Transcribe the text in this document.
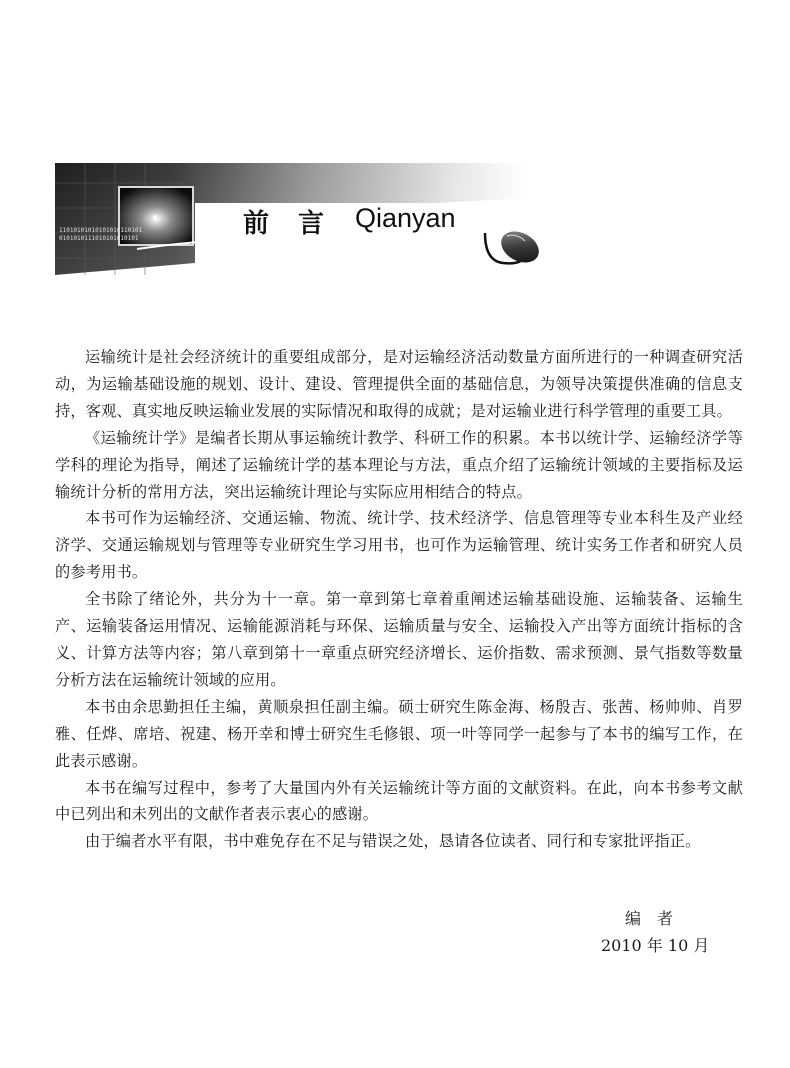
11010101010101010110101
0101010111010101010101	前 言 Qianyan

运输统计是社会经济统计的重要组成部分，是对运输经济活动数量方面所进行的一种调查研究活动，为运输基础设施的规划、设计、建设、管理提供全面的基础信息，为领导决策提供准确的信息支持，客观、真实地反映运输业发展的实际情况和取得的成就；是对运输业进行科学管理的重要工具。

《运输统计学》是编者长期从事运输统计教学、科研工作的积累。本书以统计学、运输经济学等学科的理论为指导，阐述了运输统计学的基本理论与方法，重点介绍了运输统计领域的主要指标及运输统计分析的常用方法，突出运输统计理论与实际应用相结合的特点。

本书可作为运输经济、交通运输、物流、统计学、技术经济学、信息管理等专业本科生及产业经济学、交通运输规划与管理等专业研究生学习用书，也可作为运输管理、统计实务工作者和研究人员的参考用书。

全书除了绪论外，共分为十一章。第一章到第七章着重阐述运输基础设施、运输装备、运输生产、运输装备运用情况、运输能源消耗与环保、运输质量与安全、运输投入产出等方面统计指标的含义、计算方法等内容；第八章到第十一章重点研究经济增长、运价指数、需求预测、景气指数等数量分析方法在运输统计领域的应用。

本书由余思勤担任主编，黄顺泉担任副主编。硕士研究生陈金海、杨殷吉、张茜、杨帅帅、肖罗雅、任烨、席培、祝建、杨开幸和博士研究生毛修银、项一叶等同学一起参与了本书的编写工作，在此表示感谢。

本书在编写过程中，参考了大量国内外有关运输统计等方面的文献资料。在此，向本书参考文献中已列出和未列出的文献作者表示衷心的感谢。

由于编者水平有限，书中难免存在不足与错误之处，恳请各位读者、同行和专家批评指正。

编者
2010 年 10 月
